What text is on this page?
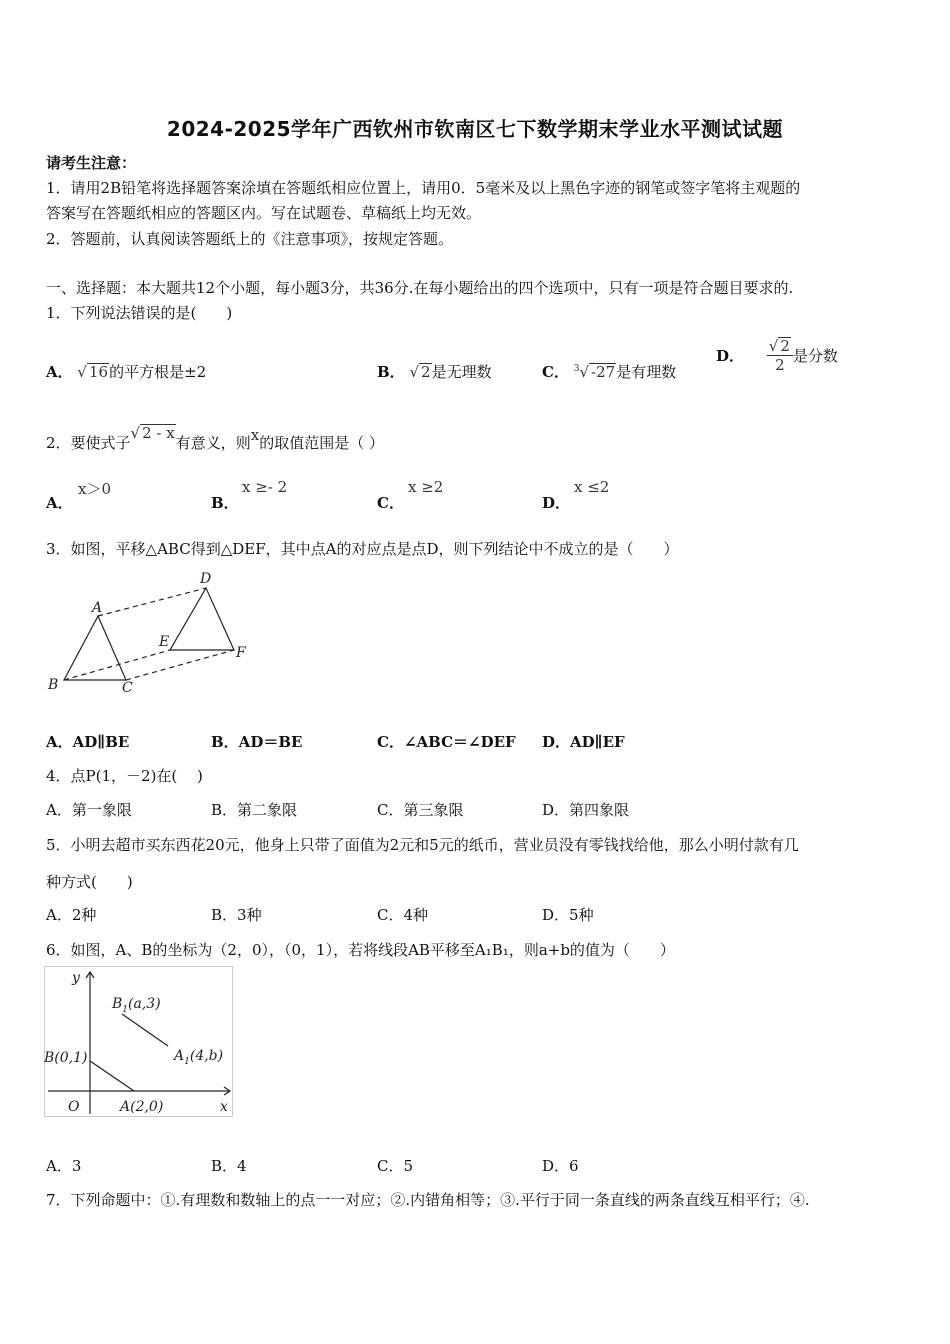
2024-2025学年广西钦州市钦南区七下数学期末学业水平测试试题
请考生注意：
1．请用2B铅笔将选择题答案涂填在答题纸相应位置上，请用0．5毫米及以上黑色字迹的钢笔或签字笔将主观题的
答案写在答题纸相应的答题区内。写在试题卷、草稿纸上均无效。
2．答题前，认真阅读答题纸上的《注意事项》，按规定答题。
一、选择题：本大题共12个小题，每小题3分，共36分.在每小题给出的四个选项中，只有一项是符合题目要求的.
1．下列说法错误的是(　　)
A． √ 16的平方根是±2	B． √ 2是无理数	C． $^3$√ -27是有理数
D． $\frac{√ 2}{2}$ 是分数
2．要使式子√ 2 - x有意义，则x的取值范围是（ ）
A．
x＞0
B．
x ≥- 2
C．
x ≥2
D．
x ≤2
3．如图，平移△ABC得到△DEF，其中点A的对应点是点D，则下列结论中不成立的是（　　）
A
B	C
D
E
F
A．AD∥BE	B．AD＝BE	C．∠ABC＝∠DEF D．AD∥EF
4．点P(1，－2)在(　 )
A．第一象限	B．第二象限	C．第三象限	D．第四象限
5．小明去超市买东西花20元，他身上只带了面值为2元和5元的纸币，营业员没有零钱找给他，那么小明付款有几
种方式(　　)
A．2种	B．3种	C．4种	D．5种
6．如图，A、B的坐标为（2，0），（0，1），若将线段AB平移至A₁B₁，则a+b的值为（　　）
y
x
O
B(0,1)
A(2,0)
$B_1(a,3)$
$A_1(4,b)$
A．3	B．4	C．5	D．6
7．下列命题中：①.有理数和数轴上的点一一对应；②.内错角相等；③.平行于同一条直线的两条直线互相平行；④.
